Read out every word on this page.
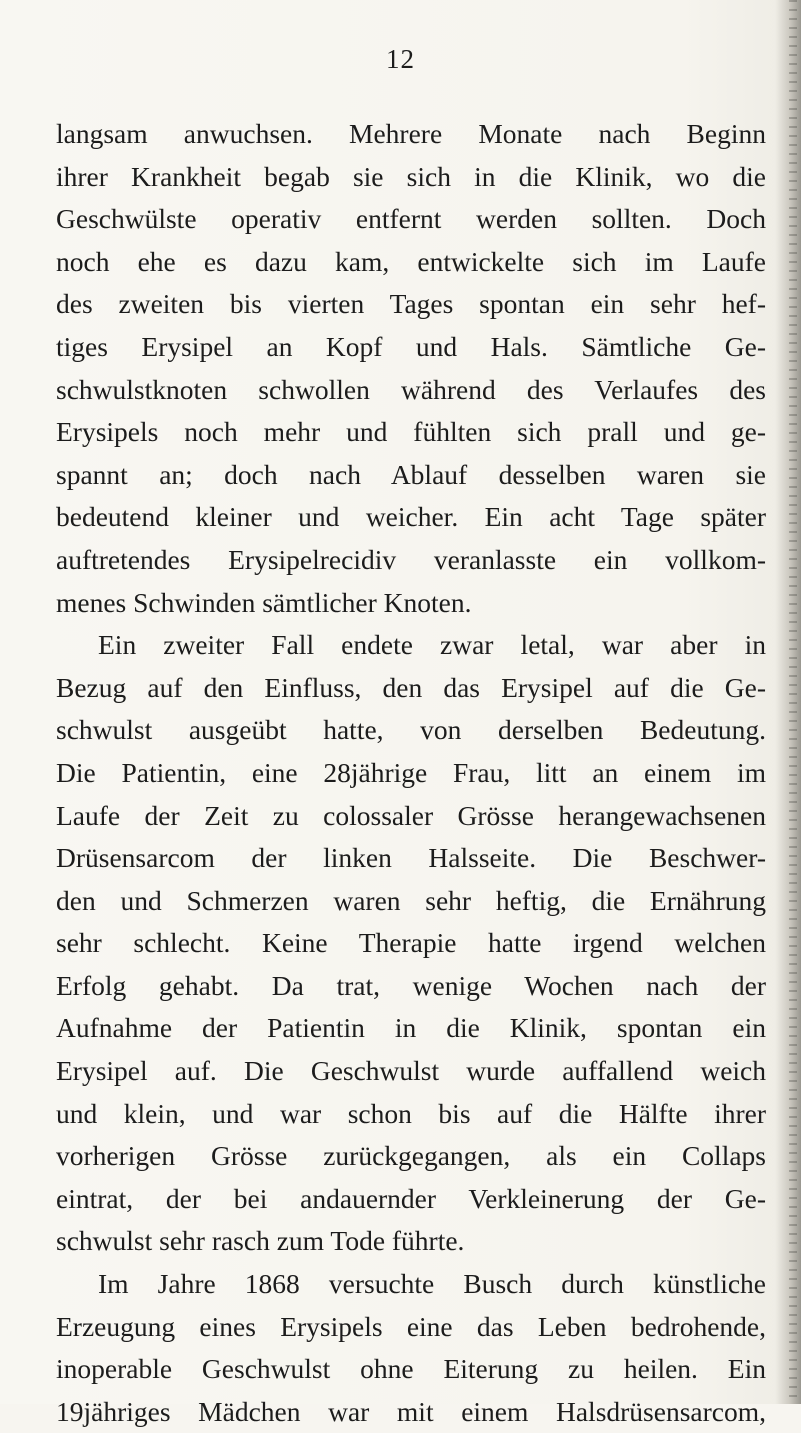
12
langsam anwuchsen. Mehrere Monate nach Beginn
ihrer Krankheit begab sie sich in die Klinik, wo die
Geschwülste operativ entfernt werden sollten. Doch
noch ehe es dazu kam, entwickelte sich im Laufe
des zweiten bis vierten Tages spontan ein sehr hef-
tiges Erysipel an Kopf und Hals. Sämtliche Ge-
schwulstknoten schwollen während des Verlaufes des
Erysipels noch mehr und fühlten sich prall und ge-
spannt an; doch nach Ablauf desselben waren sie
bedeutend kleiner und weicher. Ein acht Tage später
auftretendes Erysipelrecidiv veranlasste ein vollkom-
menes Schwinden sämtlicher Knoten.
Ein zweiter Fall endete zwar letal, war aber in
Bezug auf den Einfluss, den das Erysipel auf die Ge-
schwulst ausgeübt hatte, von derselben Bedeutung.
Die Patientin, eine 28jährige Frau, litt an einem im
Laufe der Zeit zu colossaler Grösse herangewachsenen
Drüsensarcom der linken Halsseite. Die Beschwer-
den und Schmerzen waren sehr heftig, die Ernährung
sehr schlecht. Keine Therapie hatte irgend welchen
Erfolg gehabt. Da trat, wenige Wochen nach der
Aufnahme der Patientin in die Klinik, spontan ein
Erysipel auf. Die Geschwulst wurde auffallend weich
und klein, und war schon bis auf die Hälfte ihrer
vorherigen Grösse zurückgegangen, als ein Collaps
eintrat, der bei andauernder Verkleinerung der Ge-
schwulst sehr rasch zum Tode führte.
Im Jahre 1868 versuchte Busch durch künstliche
Erzeugung eines Erysipels eine das Leben bedrohende,
inoperable Geschwulst ohne Eiterung zu heilen. Ein
19jähriges Mädchen war mit einem Halsdrüsensarcom,
